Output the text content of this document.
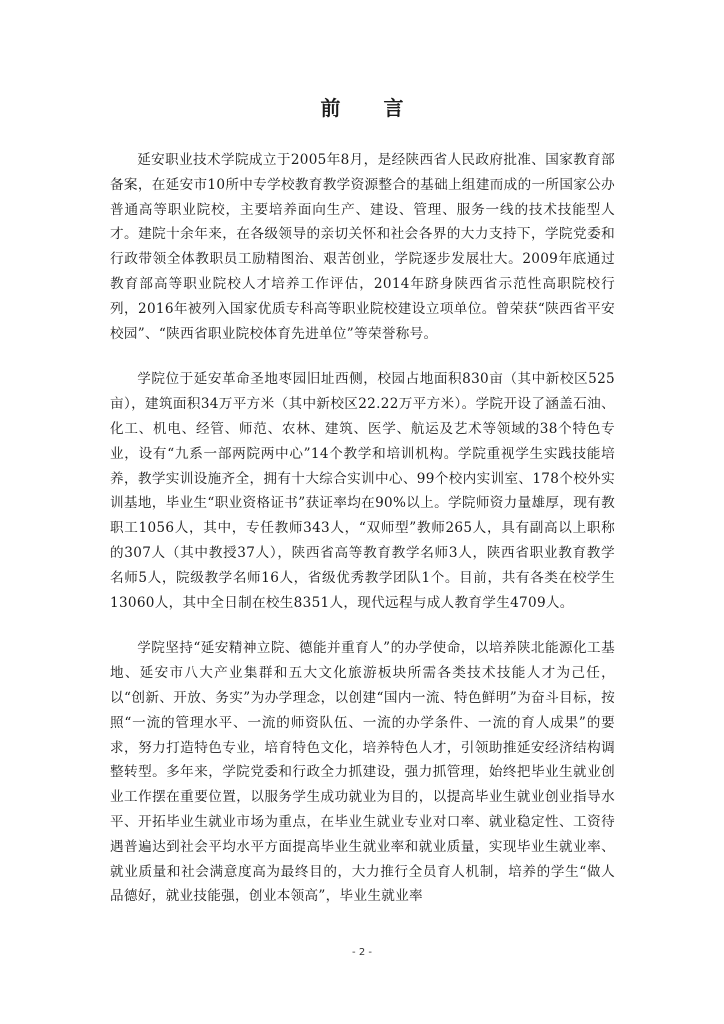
前 言

延安职业技术学院成立于2005年8月，是经陕西省人民政府批准、国家教育部备案，在延安市10所中专学校教育教学资源整合的基础上组建而成的一所国家公办普通高等职业院校，主要培养面向生产、建设、管理、服务一线的技术技能型人才。建院十余年来，在各级领导的亲切关怀和社会各界的大力支持下，学院党委和行政带领全体教职员工励精图治、艰苦创业，学院逐步发展壮大。2009年底通过教育部高等职业院校人才培养工作评估，2014年跻身陕西省示范性高职院校行列，2016年被列入国家优质专科高等职业院校建设立项单位。曾荣获“陕西省平安校园”、“陕西省职业院校体育先进单位”等荣誉称号。

学院位于延安革命圣地枣园旧址西侧，校园占地面积830亩（其中新校区525亩），建筑面积34万平方米（其中新校区22.22万平方米）。学院开设了涵盖石油、化工、机电、经管、师范、农林、建筑、医学、航运及艺术等领域的38个特色专业，设有“九系一部两院两中心”14个教学和培训机构。学院重视学生实践技能培养，教学实训设施齐全，拥有十大综合实训中心、99个校内实训室、178个校外实训基地，毕业生“职业资格证书”获证率均在90%以上。学院师资力量雄厚，现有教职工1056人，其中，专任教师343人，“双师型”教师265人，具有副高以上职称的307人（其中教授37人），陕西省高等教育教学名师3人，陕西省职业教育教学名师5人，院级教学名师16人，省级优秀教学团队1个。目前，共有各类在校学生13060人，其中全日制在校生8351人，现代远程与成人教育学生4709人。

学院坚持“延安精神立院、德能并重育人”的办学使命，以培养陕北能源化工基地、延安市八大产业集群和五大文化旅游板块所需各类技术技能人才为己任，以“创新、开放、务实”为办学理念，以创建“国内一流、特色鲜明”为奋斗目标，按照“一流的管理水平、一流的师资队伍、一流的办学条件、一流的育人成果”的要求，努力打造特色专业，培育特色文化，培养特色人才，引领助推延安经济结构调整转型。多年来，学院党委和行政全力抓建设，强力抓管理，始终把毕业生就业创业工作摆在重要位置，以服务学生成功就业为目的，以提高毕业生就业创业指导水平、开拓毕业生就业市场为重点，在毕业生就业专业对口率、就业稳定性、工资待遇普遍达到社会平均水平方面提高毕业生就业率和就业质量，实现毕业生就业率、就业质量和社会满意度高为最终目的，大力推行全员育人机制，培养的学生“做人品德好，就业技能强，创业本领高”，毕业生就业率

- 2 -
